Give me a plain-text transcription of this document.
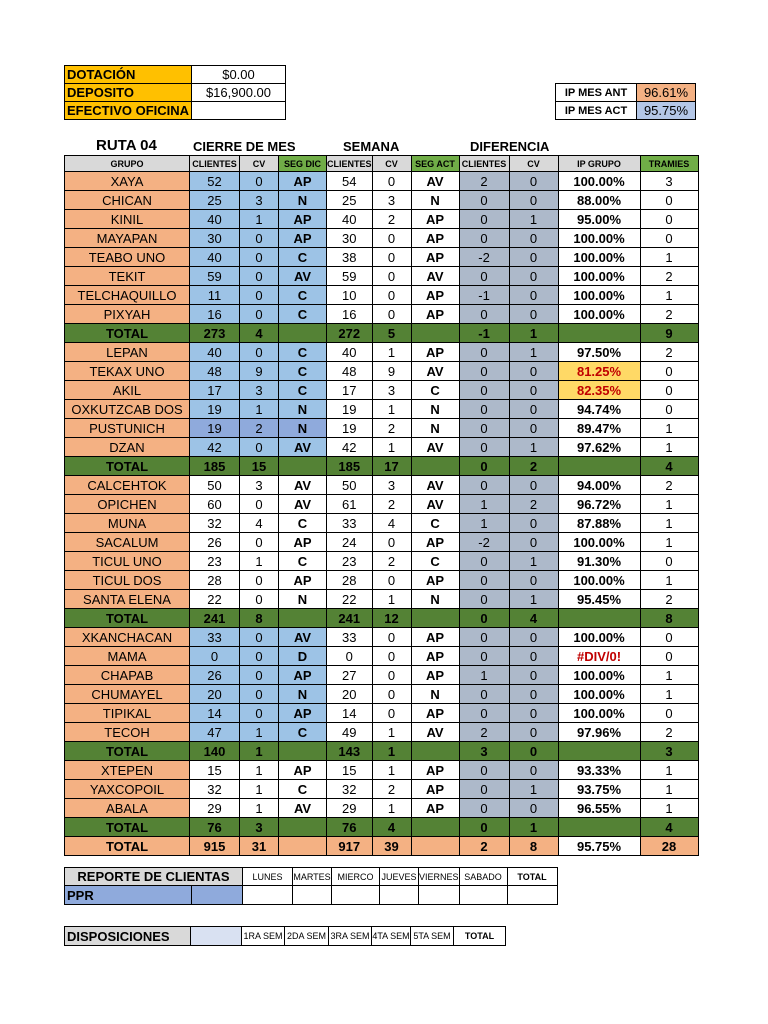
DOTACIÓN	$0.00
DEPOSITO	$16,900.00
EFECTIVO OFICINA	
IP MES ANT	96.61%
IP MES ACT	95.75%
RUTA 04	CIERRE DE MES	SEMANA	DIFERENCIA
GRUPO	CLIENTES	CV	SEG DIC	CLIENTES	CV	SEG ACT	CLIENTES	CV	IP GRUPO	TRAMIES
XAYA	52	0	AP	54	0	AV	2	0	100.00%	3
CHICAN	25	3	N	25	3	N	0	0	88.00%	0
KINIL	40	1	AP	40	2	AP	0	1	95.00%	0
MAYAPAN	30	0	AP	30	0	AP	0	0	100.00%	0
TEABO UNO	40	0	C	38	0	AP	-2	0	100.00%	1
TEKIT	59	0	AV	59	0	AV	0	0	100.00%	2
TELCHAQUILLO	11	0	C	10	0	AP	-1	0	100.00%	1
PIXYAH	16	0	C	16	0	AP	0	0	100.00%	2
TOTAL	273	4		272	5		-1	1		9
LEPAN	40	0	C	40	1	AP	0	1	97.50%	2
TEKAX UNO	48	9	C	48	9	AV	0	0	81.25%	0
AKIL	17	3	C	17	3	C	0	0	82.35%	0
OXKUTZCAB DOS	19	1	N	19	1	N	0	0	94.74%	0
PUSTUNICH	19	2	N	19	2	N	0	0	89.47%	1
DZAN	42	0	AV	42	1	AV	0	1	97.62%	1
TOTAL	185	15		185	17		0	2		4
CALCEHTOK	50	3	AV	50	3	AV	0	0	94.00%	2
OPICHEN	60	0	AV	61	2	AV	1	2	96.72%	1
MUNA	32	4	C	33	4	C	1	0	87.88%	1
SACALUM	26	0	AP	24	0	AP	-2	0	100.00%	1
TICUL UNO	23	1	C	23	2	C	0	1	91.30%	0
TICUL DOS	28	0	AP	28	0	AP	0	0	100.00%	1
SANTA ELENA	22	0	N	22	1	N	0	1	95.45%	2
TOTAL	241	8		241	12		0	4		8
XKANCHACAN	33	0	AV	33	0	AP	0	0	100.00%	0
MAMA	0	0	D	0	0	AP	0	0	#DIV/0!	0
CHAPAB	26	0	AP	27	0	AP	1	0	100.00%	1
CHUMAYEL	20	0	N	20	0	N	0	0	100.00%	1
TIPIKAL	14	0	AP	14	0	AP	0	0	100.00%	0
TECOH	47	1	C	49	1	AV	2	0	97.96%	2
TOTAL	140	1		143	1		3	0		3
XTEPEN	15	1	AP	15	1	AP	0	0	93.33%	1
YAXCOPOIL	32	1	C	32	2	AP	0	1	93.75%	1
ABALA	29	1	AV	29	1	AP	0	0	96.55%	1
TOTAL	76	3		76	4		0	1		4
TOTAL	915	31		917	39		2	8	95.75%	28
REPORTE DE CLIENTAS		LUNES	MARTES	MIERCO	JUEVES	VIERNES	SABADO	TOTAL
PPR								
DISPOSICIONES		1RA SEM	2DA SEM	3RA SEM	4TA SEM	5TA SEM	TOTAL
